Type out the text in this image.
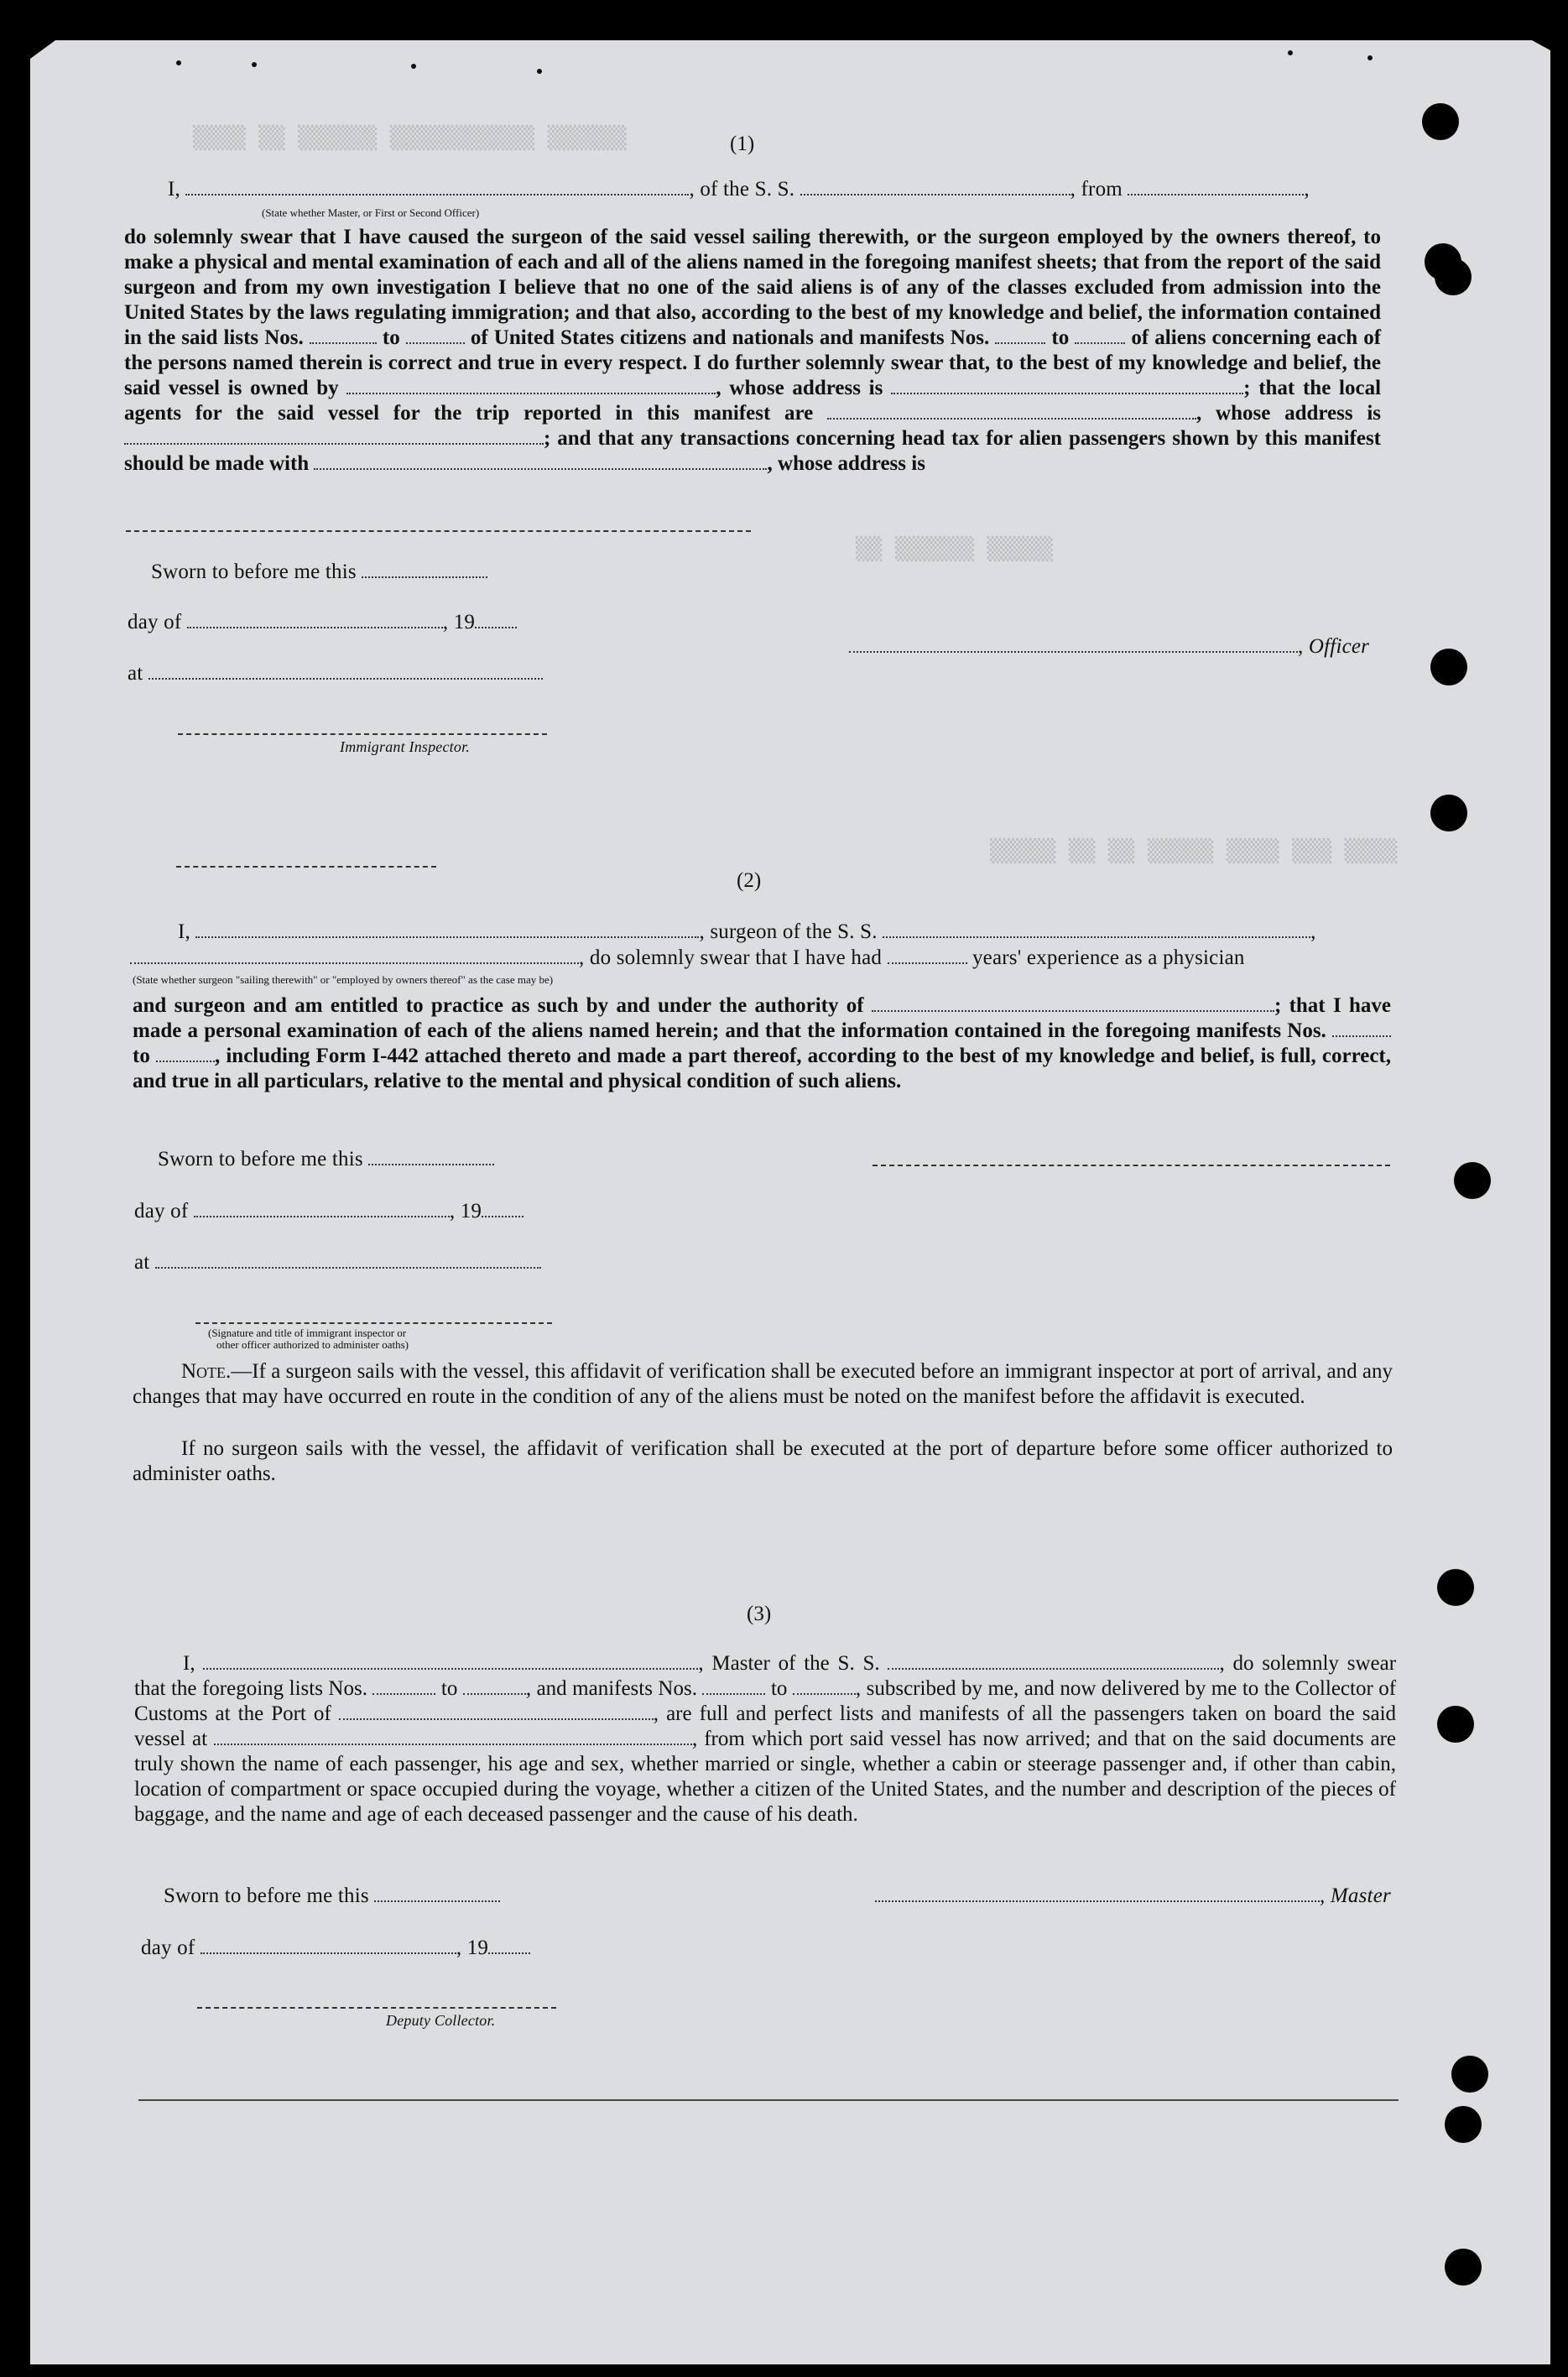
▒▒▒▒ ▒▒ ▒▒▒▒▒▒ ▒▒▒▒▒▒▒▒▒▒▒ ▒▒▒▒▒▒
▒▒▒▒▒ ▒▒ ▒▒ ▒▒▒▒▒ ▒▒▒▒ ▒▒▒ ▒▒▒▒
▒▒ ▒▒▒▒▒▒ ▒▒▒▒▒
(1)
I,	, of the S. S.	, from	,
(State whether Master, or First or Second Officer)
do solemnly swear that I have caused the surgeon of the said vessel sailing therewith, or the surgeon employed by the owners thereof, to make a physical and mental examination of each and all of the aliens named in the foregoing manifest sheets; that from the report of the said surgeon and from my own investigation I believe that no one of the said aliens is of any of the classes excluded from admission into the United States by the laws regulating immigration; and that also, according to the best of my knowledge and belief, the information contained in the said lists Nos.	to	of United States citizens and nationals and manifests Nos.	to	of aliens concerning each of the persons named therein is correct and true in every respect. I do further solemnly swear that, to the best of my knowledge and belief, the said vessel is owned by	, whose address is	; that the local agents for the said vessel for the trip reported in this manifest are	, whose address is ; and that any transactions concerning head tax for alien passengers shown by this manifest should be made with	, whose address is
Sworn to before me this
day of	, 19
at
Immigrant Inspector.
, Officer
(2)
I,	, surgeon of the S. S.	,
, do solemnly swear that I have had	years' experience as a physician
(State whether surgeon "sailing therewith" or "employed by owners thereof" as the case may be)
and surgeon and am entitled to practice as such by and under the authority of	; that I have made a personal examination of each of the aliens named herein; and that the information contained in the foregoing manifests Nos.  to	, including Form I-442 attached thereto and made a part thereof, according to the best of my knowledge and belief, is full, correct, and true in all particulars, relative to the mental and physical condition of such aliens.
Sworn to before me this
day of	, 19
at
(Signature and title of immigrant inspector or
other officer authorized to administer oaths)
Note.—If a surgeon sails with the vessel, this affidavit of verification shall be executed before an immigrant inspector at port of arrival, and any changes that may have occurred en route in the condition of any of the aliens must be noted on the manifest before the affidavit is executed.
If no surgeon sails with the vessel, the affidavit of verification shall be executed at the port of departure before some officer authorized to administer oaths.
(3)
I,	, Master of the S. S.	, do solemnly swear that the foregoing lists Nos.	to	, and manifests Nos.	to	, subscribed by me, and now delivered by me to the Collector of Customs at the Port of	, are full and perfect lists and manifests of all the passengers taken on board the said vessel at	, from which port said vessel has now arrived; and that on the said documents are truly shown the name of each passenger, his age and sex, whether married or single, whether a cabin or steerage passenger and, if other than cabin, location of compartment or space occupied during the voyage, whether a citizen of the United States, and the number and description of the pieces of baggage, and the name and age of each deceased passenger and the cause of his death.
Sworn to before me this	, Master
day of	, 19
Deputy Collector.
